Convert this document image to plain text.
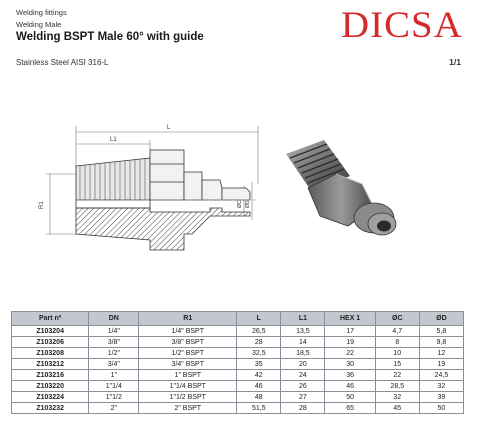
Welding fittings
Welding Male
Welding BSPT Male 60° with guide	DICSA
Stainless Steel AISI 316-L	1/1
L
L1
R1	ØC ØD
Part nº	DN	R1	L	L1	HEX 1	ØC	ØD
Z103204	1/4"	1/4" BSPT	26,5	13,5	17	4,7	5,8
Z103206	3/8"	3/8" BSPT	28	14	19	8	9,8
Z103208	1/2"	1/2" BSPT	32,5	18,5	22	10	12
Z103212	3/4"	3/4" BSPT	35	20	30	15	19
Z103216	1"	1" BSPT	42	24	36	22	24,5
Z103220	1"1/4	1"1/4 BSPT	46	26	46	28,5	32
Z103224	1"1/2	1"1/2 BSPT	48	27	50	32	39
Z103232	2"	2" BSPT	51,5	28	65	45	50
